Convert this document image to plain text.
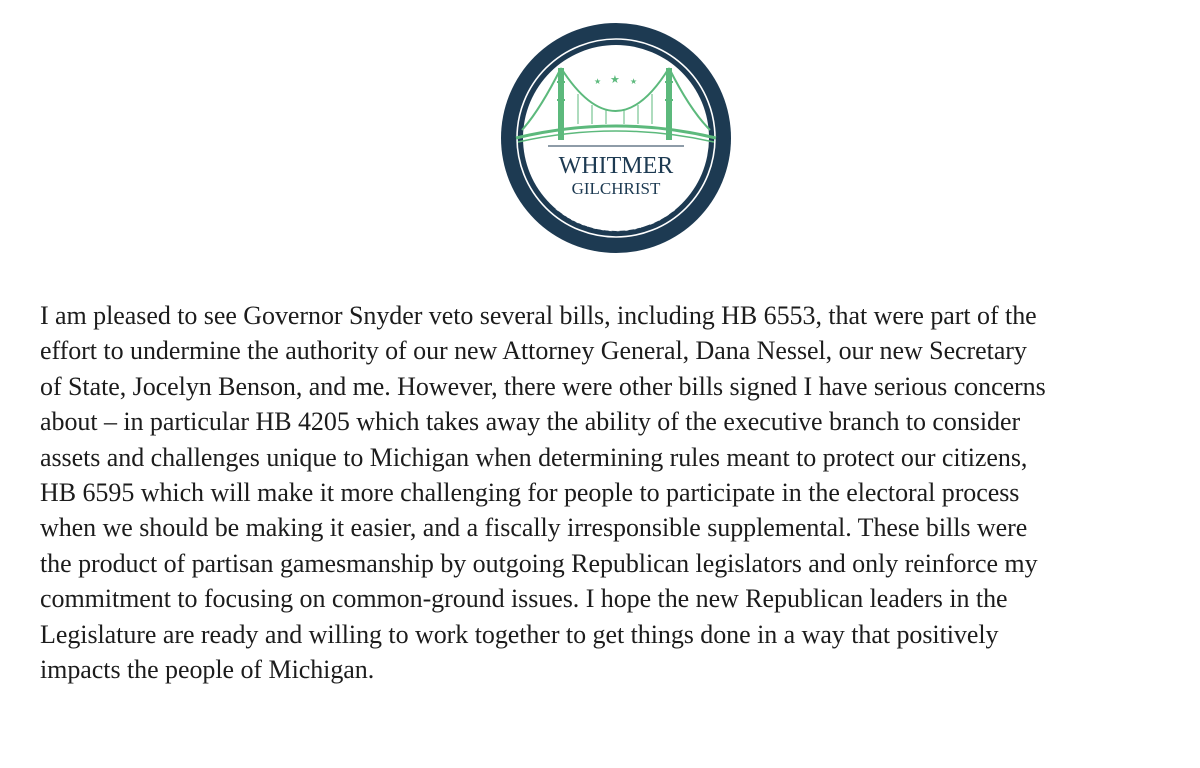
MICHIGAN
TRANSITION 2018
★ ★ ★
WHITMER
GILCHRIST

I am pleased to see Governor Snyder veto several bills, including HB 6553, that were part of the
effort to undermine the authority of our new Attorney General, Dana Nessel, our new Secretary
of State, Jocelyn Benson, and me. However, there were other bills signed I have serious concerns
about – in particular HB 4205 which takes away the ability of the executive branch to consider
assets and challenges unique to Michigan when determining rules meant to protect our citizens,
HB 6595 which will make it more challenging for people to participate in the electoral process
when we should be making it easier, and a fiscally irresponsible supplemental. These bills were
the product of partisan gamesmanship by outgoing Republican legislators and only reinforce my
commitment to focusing on common-ground issues. I hope the new Republican leaders in the
Legislature are ready and willing to work together to get things done in a way that positively
impacts the people of Michigan.
